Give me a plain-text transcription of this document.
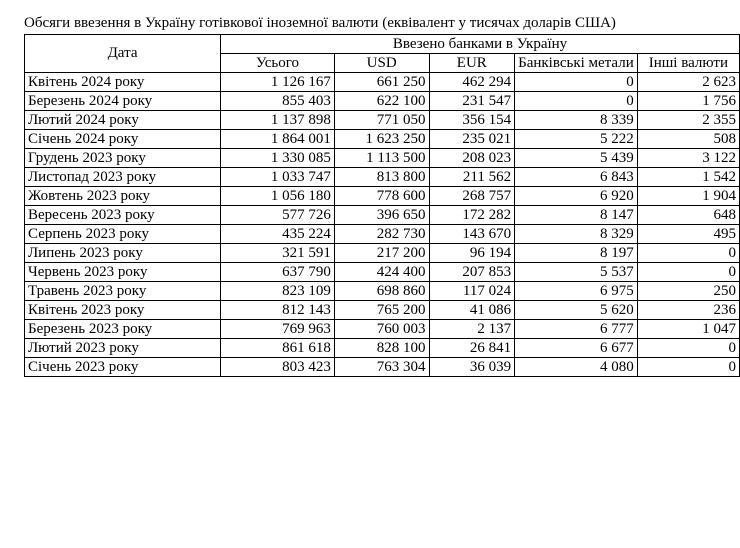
Обсяги ввезення в Україну готівкової іноземної валюти (еквівалент у тисячах доларів США)
Дата	Ввезено банками в Україну				
	Усього	USD	EUR	Банківські метали	Інші валюти
Квітень 2024 року	1 126 167	661 250	462 294	0	2 623
Березень 2024 року	855 403	622 100	231 547	0	1 756
Лютий 2024 року	1 137 898	771 050	356 154	8 339	2 355
Січень 2024 року	1 864 001	1 623 250	235 021	5 222	508
Грудень 2023 року	1 330 085	1 113 500	208 023	5 439	3 122
Листопад 2023 року	1 033 747	813 800	211 562	6 843	1 542
Жовтень 2023 року	1 056 180	778 600	268 757	6 920	1 904
Вересень 2023 року	577 726	396 650	172 282	8 147	648
Серпень 2023 року	435 224	282 730	143 670	8 329	495
Липень 2023 року	321 591	217 200	96 194	8 197	0
Червень 2023 року	637 790	424 400	207 853	5 537	0
Травень 2023 року	823 109	698 860	117 024	6 975	250
Квітень 2023 року	812 143	765 200	41 086	5 620	236
Березень 2023 року	769 963	760 003	2 137	6 777	1 047
Лютий 2023 року	861 618	828 100	26 841	6 677	0
Січень 2023 року	803 423	763 304	36 039	4 080	0
